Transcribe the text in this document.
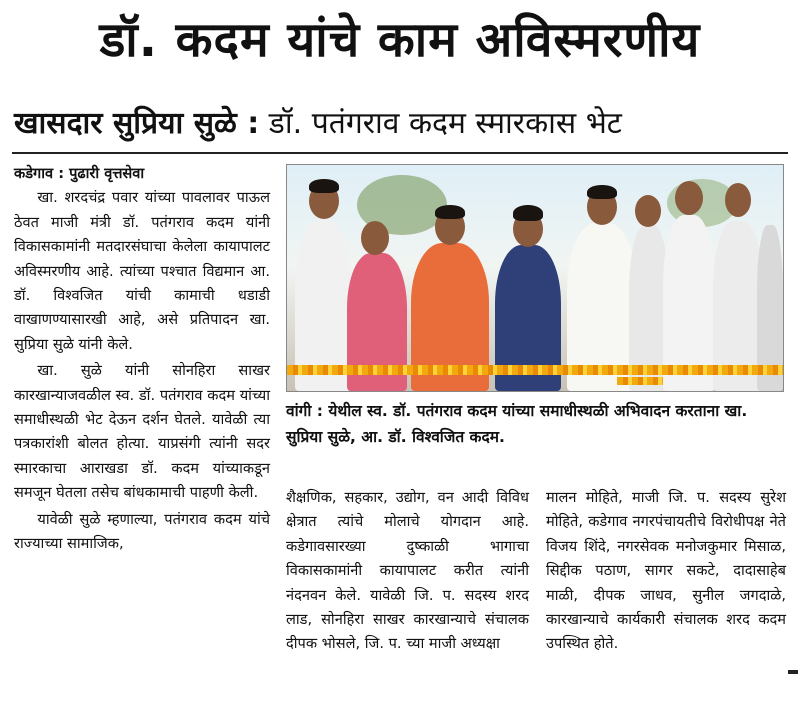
डॉ. कदम यांचे काम अविस्मरणीय
खासदार सुप्रिया सुळे : डॉ. पतंगराव कदम स्मारकास भेट
कडेगाव : पुढारी वृत्तसेवा

खा. शरदचंद्र पवार यांच्या पावलावर पाऊल ठेवत माजी मंत्री डॉ. पतंगराव कदम यांनी विकासकामांनी मतदारसंघाचा केलेला कायापालट अविस्मरणीय आहे. त्यांच्या पश्चात विद्यमान आ. डॉ. विश्वजित यांची कामाची धडाडी वाखाणण्यासारखी आहे, असे प्रतिपादन खा. सुप्रिया सुळे यांनी केले.

खा. सुळे यांनी सोनहिरा साखर कारखान्याजवळील स्व. डॉ. पतंगराव कदम यांच्या समाधीस्थळी भेट देऊन दर्शन घेतले. यावेळी त्या पत्रकारांशी बोलत होत्या. याप्रसंगी त्यांनी सदर स्मारकाचा आराखडा डॉ. कदम यांच्याकडून समजून घेतला तसेच बांधकामाची पाहणी केली.

यावेळी सुळे म्हणाल्या, पतंगराव कदम यांचे राज्याच्या सामाजिक,

वांगी : येथील स्व. डॉ. पतंगराव कदम यांच्या समाधीस्थळी अभिवादन करताना खा. सुप्रिया सुळे, आ. डॉ. विश्वजित कदम.

शैक्षणिक, सहकार, उद्योग, वन आदी विविध क्षेत्रात त्यांचे मोलाचे योगदान आहे. कडेगावसारख्या दुष्काळी भागाचा विकासकामांनी कायापालट करीत त्यांनी नंदनवन केले. यावेळी जि. प. सदस्य शरद लाड, सोनहिरा साखर कारखान्याचे संचालक दीपक भोसले, जि. प. च्या माजी अध्यक्षा

मालन मोहिते, माजी जि. प. सदस्य सुरेश मोहिते, कडेगाव नगरपंचायतीचे विरोधीपक्ष नेते विजय शिंदे, नगरसेवक मनोजकुमार मिसाळ, सिद्दीक पठाण, सागर सकटे, दादासाहेब माळी, दीपक जाधव, सुनील जगदाळे, कारखान्याचे कार्यकारी संचालक शरद कदम उपस्थित होते.
